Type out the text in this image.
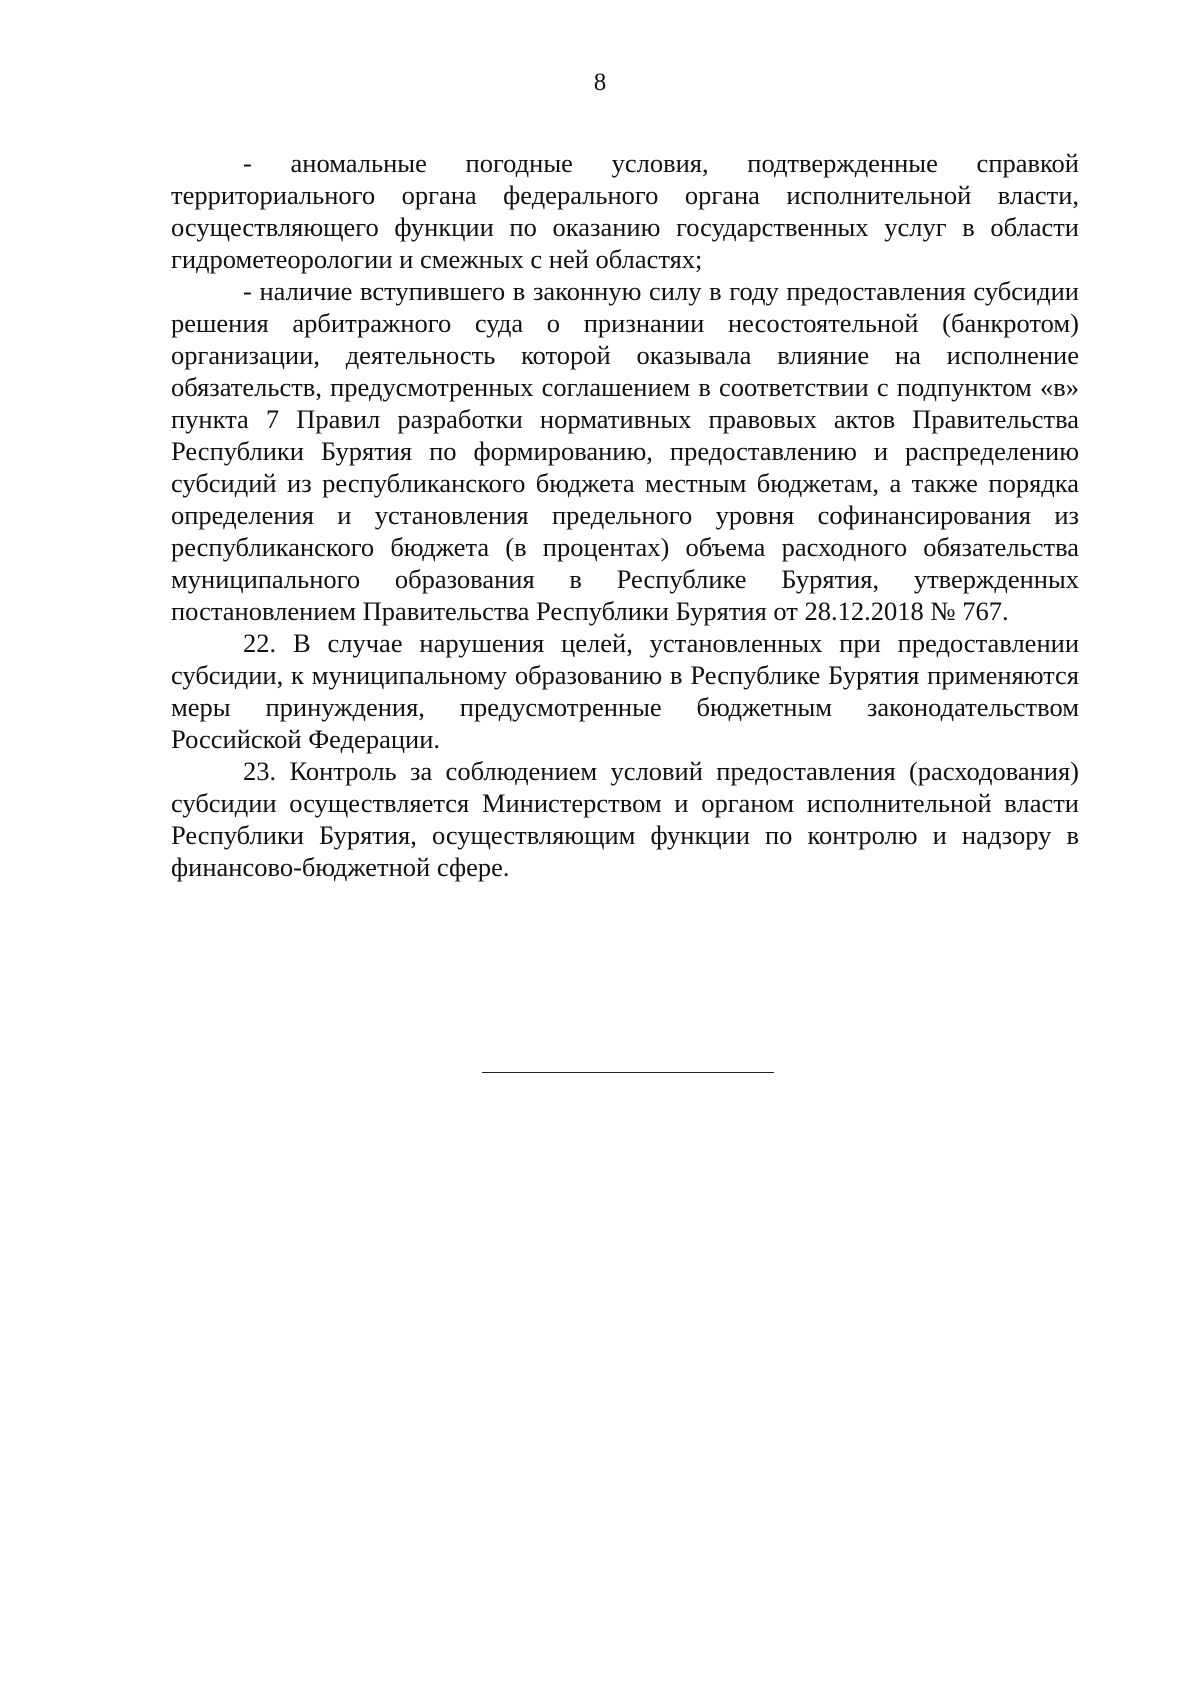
8

- аномальные погодные условия, подтвержденные справкой территориального органа федерального органа исполнительной власти, осуществляющего функции по оказанию государственных услуг в области гидрометеорологии и смежных с ней областях;

- наличие вступившего в законную силу в году предоставления субсидии решения арбитражного суда о признании несостоятельной (банкротом) организации, деятельность которой оказывала влияние на исполнение обязательств, предусмотренных соглашением в соответствии с подпунктом «в» пункта 7 Правил разработки нормативных правовых актов Правительства Республики Бурятия по формированию, предоставлению и распределению субсидий из республиканского бюджета местным бюджетам, а также порядка определения и установления предельного уровня софинансирования из республиканского бюджета (в процентах) объема расходного обязательства муниципального образования в Республике Бурятия, утвержденных постановлением Правительства Республики Бурятия от 28.12.2018 № 767.

22. В случае нарушения целей, установленных при предоставлении субсидии, к муниципальному образованию в Республике Бурятия применяются меры принуждения, предусмотренные бюджетным законодательством Российской Федерации.

23. Контроль за соблюдением условий предоставления (расходования) субсидии осуществляется Министерством и органом исполнительной власти Республики Бурятия, осуществляющим функции по контролю и надзору в финансово-бюджетной сфере.
